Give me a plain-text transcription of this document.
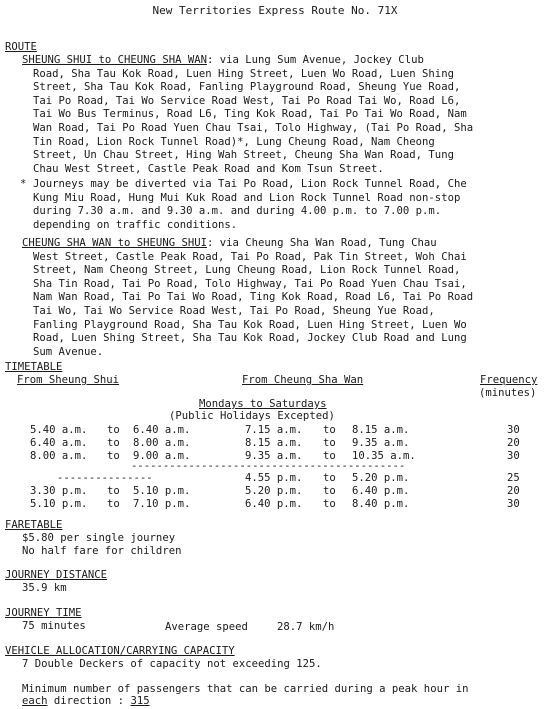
New Territories Express Route No. 71X
ROUTE
SHEUNG SHUI to CHEUNG SHA WAN: via Lung Sum Avenue, Jockey Club
Road, Sha Tau Kok Road, Luen Hing Street, Luen Wo Road, Luen Shing
Street, Sha Tau Kok Road, Fanling Playground Road, Sheung Yue Road,
Tai Po Road, Tai Wo Service Road West, Tai Po Road Tai Wo, Road L6,
Tai Wo Bus Terminus, Road L6, Ting Kok Road, Tai Po Tai Wo Road, Nam
Wan Road, Tai Po Road Yuen Chau Tsai, Tolo Highway, (Tai Po Road, Sha
Tin Road, Lion Rock Tunnel Road)*, Lung Cheung Road, Nam Cheong
Street, Un Chau Street, Hing Wah Street, Cheung Sha Wan Road, Tung
Chau West Street, Castle Peak Road and Kom Tsun Street.
* Journeys may be diverted via Tai Po Road, Lion Rock Tunnel Road, Che
Kung Miu Road, Hung Mui Kuk Road and Lion Rock Tunnel Road non-stop
during 7.30 a.m. and 9.30 a.m. and during 4.00 p.m. to 7.00 p.m.
depending on traffic conditions.
CHEUNG SHA WAN to SHEUNG SHUI: via Cheung Sha Wan Road, Tung Chau
West Street, Castle Peak Road, Tai Po Road, Pak Tin Street, Woh Chai
Street, Nam Cheong Street, Lung Cheung Road, Lion Rock Tunnel Road,
Sha Tin Road, Tai Po Road, Tolo Highway, Tai Po Road Yuen Chau Tsai,
Nam Wan Road, Tai Po Tai Wo Road, Ting Kok Road, Road L6, Tai Po Road
Tai Wo, Tai Wo Service Road West, Tai Po Road, Sheung Yue Road,
Fanling Playground Road, Sha Tau Kok Road, Luen Hing Street, Luen Wo
Road, Luen Shing Street, Sha Tau Kok Road, Jockey Club Road and Lung
Sum Avenue.
TIMETABLE
From Sheung Shui	From Cheung Sha Wan	Frequency
(minutes)
Mondays to Saturdays
(Public Holidays Excepted)
5.40 a.m. to 6.40 a.m.	7.15 a.m. to 8.15 a.m.	30
6.40 a.m. to 8.00 a.m.	8.15 a.m. to 9.35 a.m.	20
8.00 a.m. to 9.00 a.m.	9.35 a.m. to 10.35 a.m.	30
-------------------------------------------
---------------	4.55 p.m. to 5.20 p.m.	25
3.30 p.m. to 5.10 p.m.	5.20 p.m. to 6.40 p.m.	20
5.10 p.m. to 7.10 p.m.	6.40 p.m. to 8.40 p.m.	30
FARETABLE
$5.80 per single journey
No half fare for children
JOURNEY DISTANCE
35.9 km
JOURNEY TIME
75 minutes	Average speed	28.7 km/h
VEHICLE ALLOCATION/CARRYING CAPACITY
7 Double Deckers of capacity not exceeding 125.
Minimum number of passengers that can be carried during a peak hour in
each direction : 315
